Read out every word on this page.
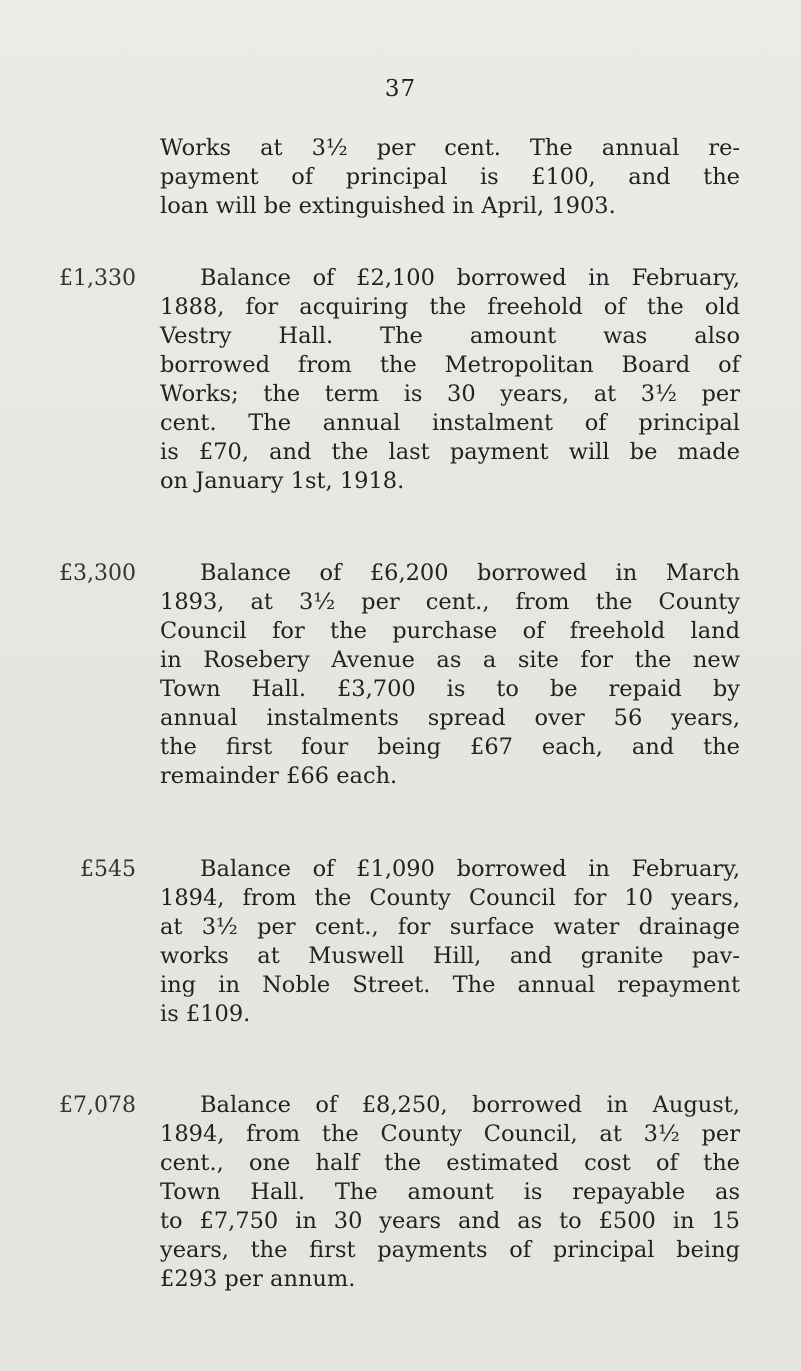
37
Works at 3½ per cent. The annual re-
payment of principal is £100, and the
loan will be extinguished in April, 1903.
£1,330	Balance of £2,100 borrowed in February,
1888, for acquiring the freehold of the old
Vestry Hall. The amount was also
borrowed from the Metropolitan Board of
Works; the term is 30 years, at 3½ per
cent. The annual instalment of principal
is £70, and the last payment will be made
on January 1st, 1918.
£3,300	Balance of £6,200 borrowed in March
1893, at 3½ per cent., from the County
Council for the purchase of freehold land
in Rosebery Avenue as a site for the new
Town Hall. £3,700 is to be repaid by
annual instalments spread over 56 years,
the first four being £67 each, and the
remainder £66 each.
£545	Balance of £1,090 borrowed in February,
1894, from the County Council for 10 years,
at 3½ per cent., for surface water drainage
works at Muswell Hill, and granite pav-
ing in Noble Street. The annual repayment
is £109.
£7,078	Balance of £8,250, borrowed in August,
1894, from the County Council, at 3½ per
cent., one half the estimated cost of the
Town Hall. The amount is repayable as
to £7,750 in 30 years and as to £500 in 15
years, the first payments of principal being
£293 per annum.
